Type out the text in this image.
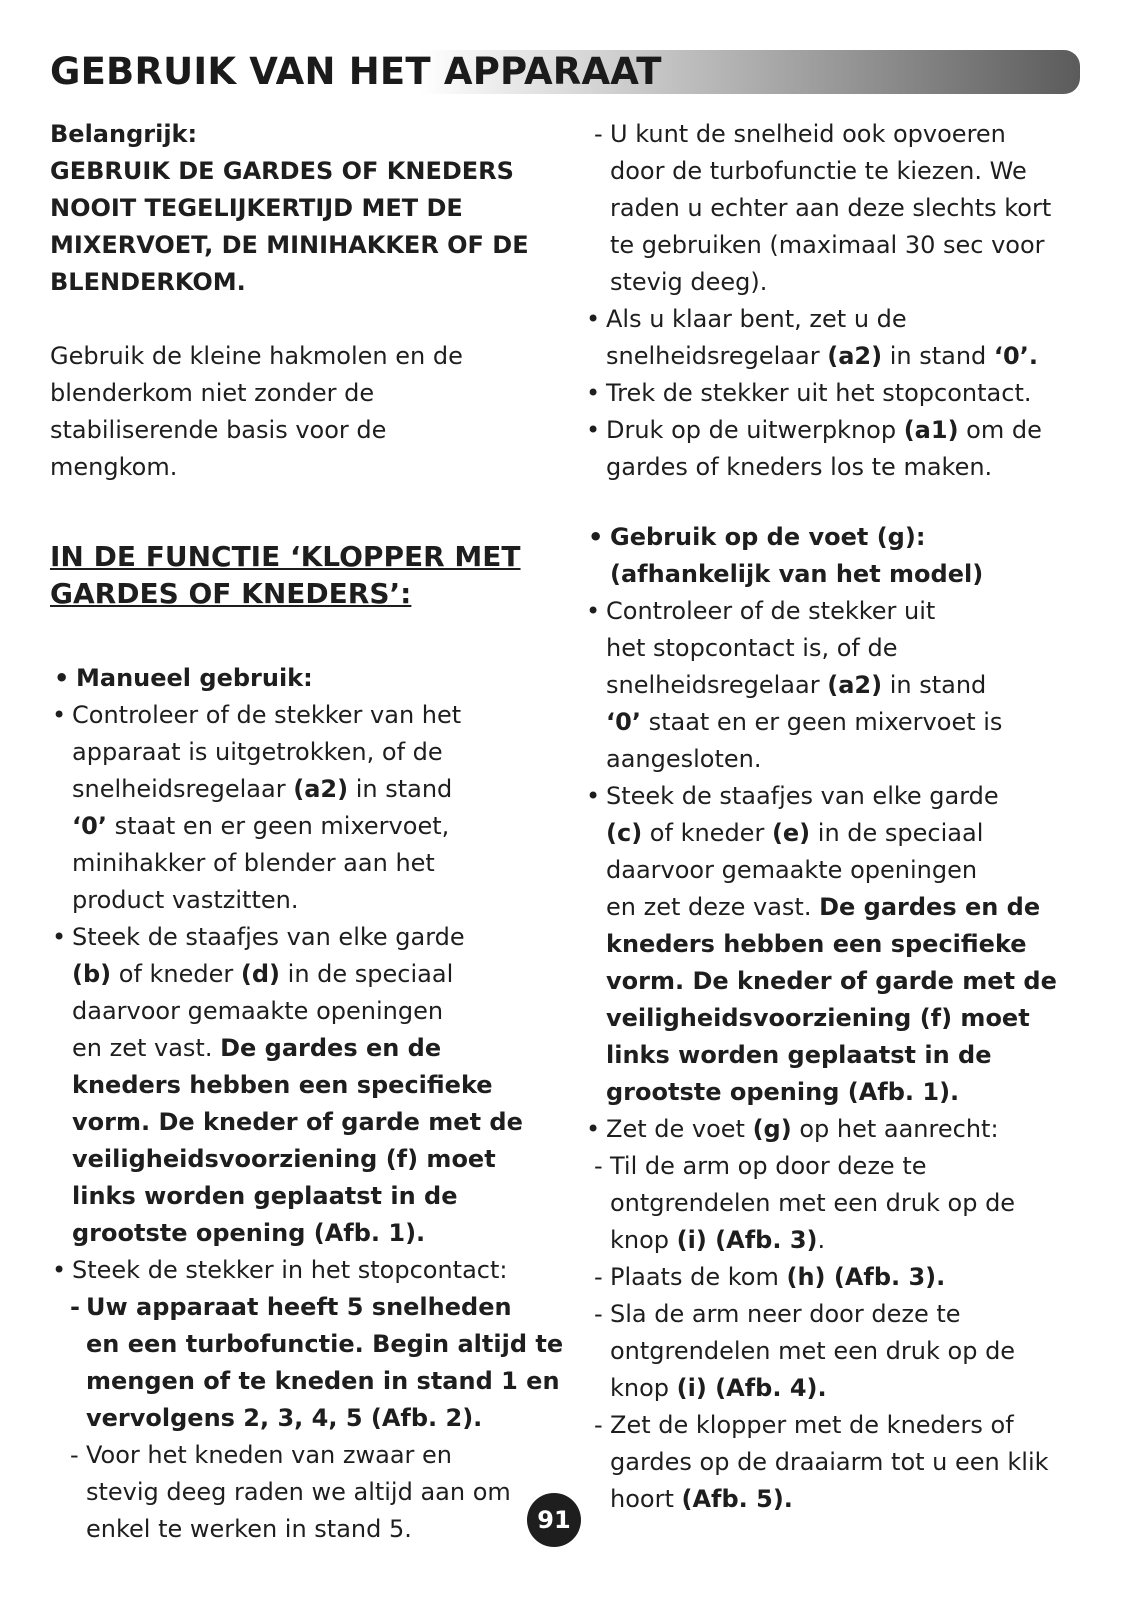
GEBRUIK VAN HET APPARAAT

Belangrijk:

GEBRUIK DE GARDES OF KNEDERS

NOOIT TEGELIJKERTIJD MET DE

MIXERVOET, DE MINIHAKKER OF DE

BLENDERKOM.

Gebruik de kleine hakmolen en de

blenderkom niet zonder de

stabiliserende basis voor de

mengkom.

IN DE FUNCTIE ‘KLOPPER MET

GARDES OF KNEDERS’:

• Manueel gebruik:

• Controleer of de stekker van het

apparaat is uitgetrokken, of de

snelheidsregelaar (a2) in stand

‘0’ staat en er geen mixervoet,

minihakker of blender aan het

product vastzitten.

• Steek de staafjes van elke garde

(b) of kneder (d) in de speciaal

daarvoor gemaakte openingen

en zet vast. De gardes en de

kneders hebben een specifieke

vorm. De kneder of garde met de

veiligheidsvoorziening (f) moet

links worden geplaatst in de

grootste opening (Afb. 1).

• Steek de stekker in het stopcontact:

- Uw apparaat heeft 5 snelheden

en een turbofunctie. Begin altijd te

mengen of te kneden in stand 1 en

vervolgens 2, 3, 4, 5 (Afb. 2).

- Voor het kneden van zwaar en

stevig deeg raden we altijd aan om

enkel te werken in stand 5.

- U kunt de snelheid ook opvoeren

door de turbofunctie te kiezen. We

raden u echter aan deze slechts kort

te gebruiken (maximaal 30 sec voor

stevig deeg).

• Als u klaar bent, zet u de

snelheidsregelaar (a2) in stand ‘0’.

• Trek de stekker uit het stopcontact.

• Druk op de uitwerpknop (a1) om de

gardes of kneders los te maken.

• Gebruik op de voet (g):

(afhankelijk van het model)

• Controleer of de stekker uit

het stopcontact is, of de

snelheidsregelaar (a2) in stand

‘0’ staat en er geen mixervoet is

aangesloten.

• Steek de staafjes van elke garde

(c) of kneder (e) in de speciaal

daarvoor gemaakte openingen

en zet deze vast. De gardes en de

kneders hebben een specifieke

vorm. De kneder of garde met de

veiligheidsvoorziening (f) moet

links worden geplaatst in de

grootste opening (Afb. 1).

• Zet de voet (g) op het aanrecht:

- Til de arm op door deze te

ontgrendelen met een druk op de

knop (i) (Afb. 3).

- Plaats de kom (h) (Afb. 3).

- Sla de arm neer door deze te

ontgrendelen met een druk op de

knop (i) (Afb. 4).

- Zet de klopper met de kneders of

gardes op de draaiarm tot u een klik

hoort (Afb. 5).

91
